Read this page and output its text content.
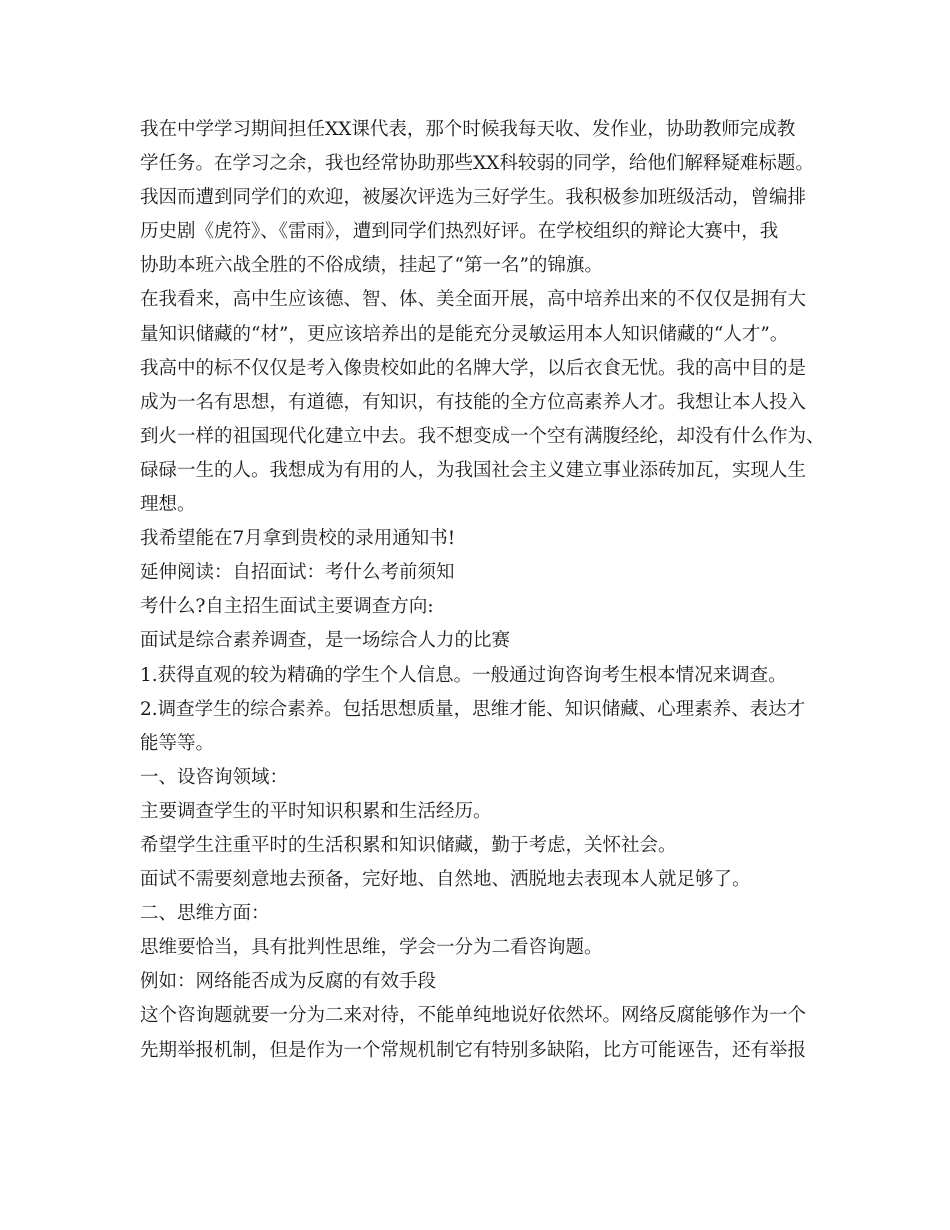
我在中学学习期间担任XX课代表，那个时候我每天收、发作业，协助教师完成教
学任务。在学习之余，我也经常协助那些XX科较弱的同学，给他们解释疑难标题。
我因而遭到同学们的欢迎，被屡次评选为三好学生。我积极参加班级活动，曾编排
历史剧《虎符》、《雷雨》，遭到同学们热烈好评。在学校组织的辩论大赛中，我
协助本班六战全胜的不俗成绩，挂起了“第一名”的锦旗。
在我看来，高中生应该德、智、体、美全面开展，高中培养出来的不仅仅是拥有大
量知识储藏的“材”，更应该培养出的是能充分灵敏运用本人知识储藏的“人才”。
我高中的标不仅仅是考入像贵校如此的名牌大学，以后衣食无忧。我的高中目的是
成为一名有思想，有道德，有知识，有技能的全方位高素养人才。我想让本人投入
到火一样的祖国现代化建立中去。我不想变成一个空有满腹经纶，却没有什么作为、
碌碌一生的人。我想成为有用的人，为我国社会主义建立事业添砖加瓦，实现人生
理想。
我希望能在7月拿到贵校的录用通知书!
延伸阅读：自招面试：考什么考前须知
考什么?自主招生面试主要调查方向:
面试是综合素养调查，是一场综合人力的比赛
1.获得直观的较为精确的学生个人信息。一般通过询咨询考生根本情况来调查。
2.调查学生的综合素养。包括思想质量，思维才能、知识储藏、心理素养、表达才
能等等。
一、设咨询领域：
主要调查学生的平时知识积累和生活经历。
希望学生注重平时的生活积累和知识储藏，勤于考虑，关怀社会。
面试不需要刻意地去预备，完好地、自然地、洒脱地去表现本人就足够了。
二、思维方面：
思维要恰当，具有批判性思维，学会一分为二看咨询题。
例如：网络能否成为反腐的有效手段
这个咨询题就要一分为二来对待，不能单纯地说好依然坏。网络反腐能够作为一个
先期举报机制，但是作为一个常规机制它有特别多缺陷，比方可能诬告，还有举报
